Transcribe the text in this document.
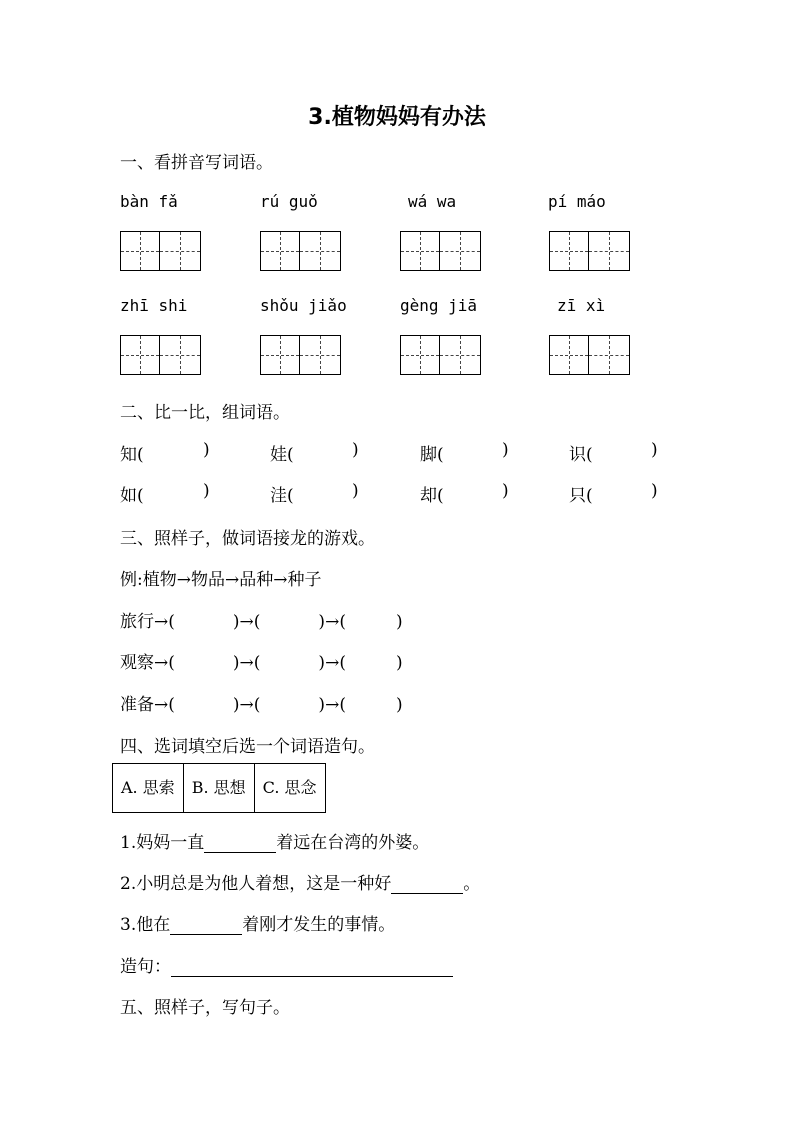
3.植物妈妈有办法
一、看拼音写词语。
bàn fǎ	rú guǒ	wá wa	pí máo
zhī shi	shǒu jiǎo	gèng jiā	zī xì
二、比一比，组词语。
知(	)	娃(	)	脚(	)	识(	)
如(	)	洼(	)	却(	)	只(	)
三、照样子，做词语接龙的游戏。
例:植物→物品→品种→种子
旅行→(	)→(	)→(	)
观察→(	)→(	)→(	)
准备→(	)→(	)→(	)
四、选词填空后选一个词语造句。
A. 思索	B. 思想	C. 思念
1.妈妈一直	着远在台湾的外婆。
2.小明总是为他人着想，这是一种好	。
3.他在	着刚才发生的事情。
造句：
五、照样子，写句子。
